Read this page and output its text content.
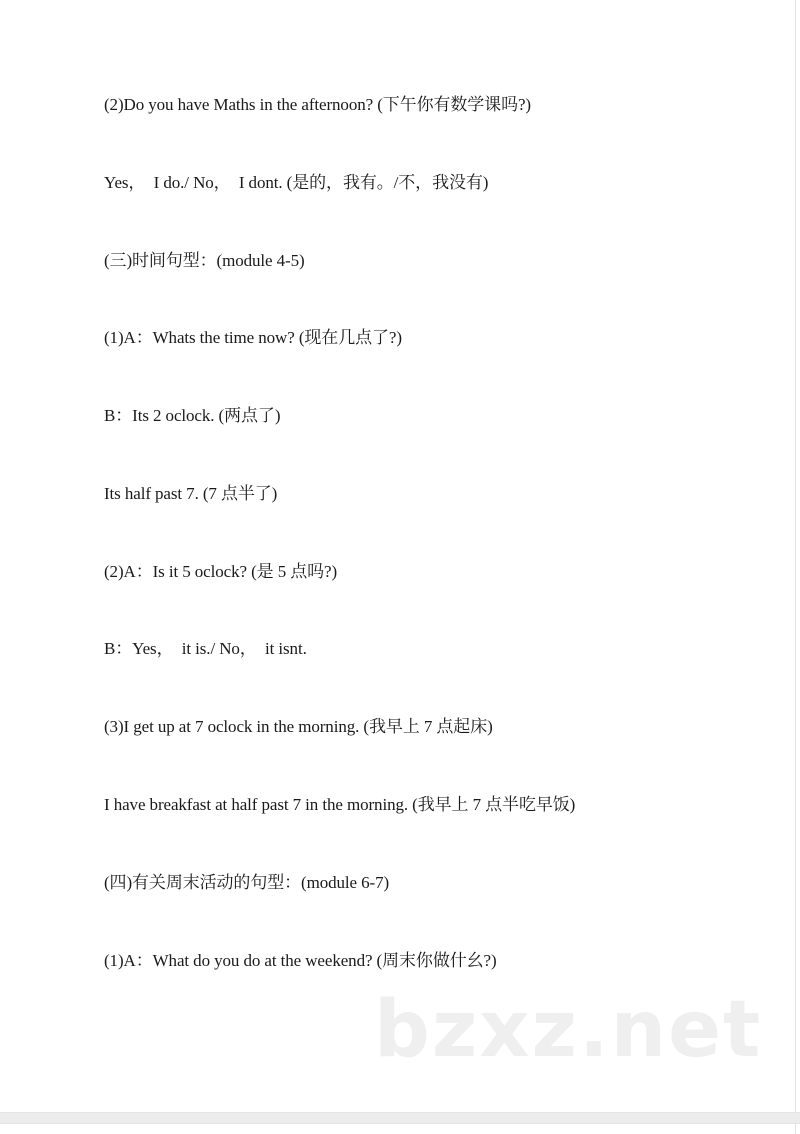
(2)Do you have Maths in the afternoon? (下午你有数学课吗?)
Yes，  I do./ No，  I dont. (是的，我有。/不，我没有)
(三)时间句型：(module 4-5)
(1)A：Whats the time now? (现在几点了?)
B：Its 2 oclock. (两点了)
Its half past 7. (7 点半了)
(2)A：Is it 5 oclock? (是 5 点吗?)
B：Yes，  it is./ No，  it isnt.
(3)I get up at 7 oclock in the morning. (我早上 7 点起床)
I have breakfast at half past 7 in the morning. (我早上 7 点半吃早饭)
(四)有关周末活动的句型：(module 6-7)
(1)A：What do you do at the weekend? (周末你做什幺?)
bzxz.net
